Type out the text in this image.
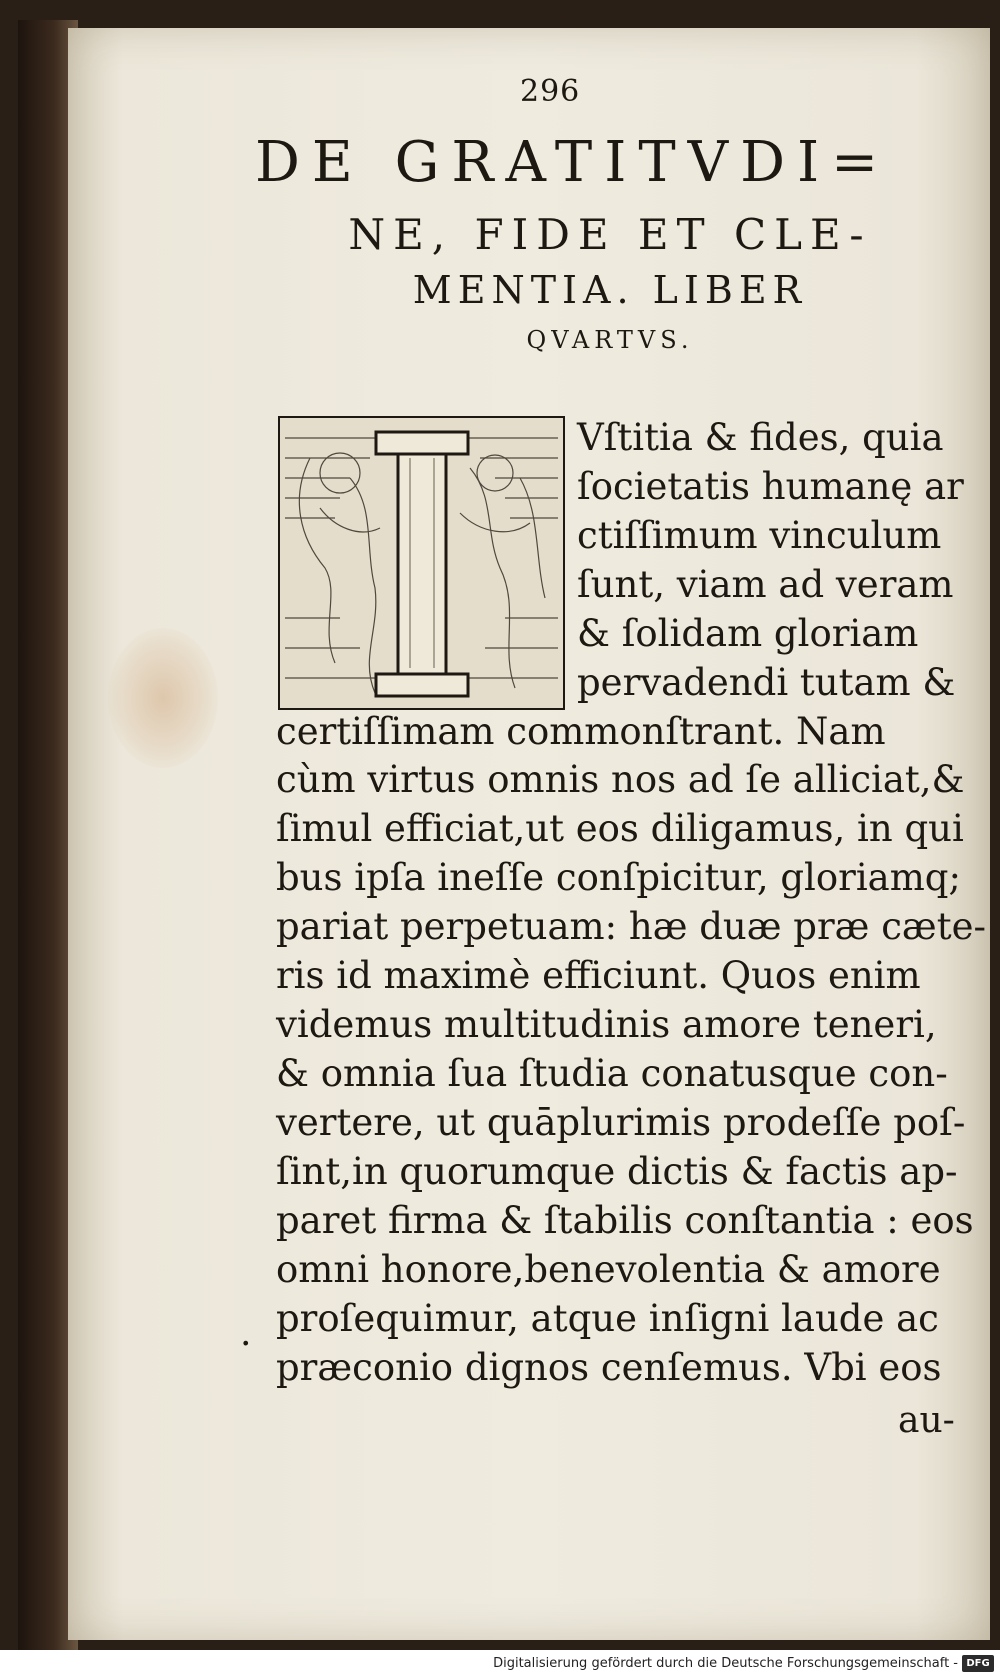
296
DE GRATITVDI=
NE, FIDE ET CLE-
MENTIA. LIBER
QVARTVS.
Vſtitia & fides, quia
ſocietatis humanę ar
ctiſſimum vinculum
ſunt, viam ad veram
& ſolidam gloriam
pervadendi tutam &
certiſſimam commonſtrant. Nam
cùm virtus omnis nos ad ſe alliciat,&
ſimul efficiat,ut eos diligamus, in qui
bus ipſa ineſſe conſpicitur, gloriamq;
pariat perpetuam: hæ duæ præ cæte-
ris id maximè efficiunt. Quos enim
videmus multitudinis amore teneri,
& omnia ſua ſtudia conatusque con-
vertere, ut quāplurimis prodeſſe poſ-
ſint,in quorumque dictis & factis ap-
paret firma & ſtabilis conſtantia : eos
omni honore,benevolentia & amore
proſequimur, atque inſigni laude ac
præconio dignos cenſemus. Vbi eos
.
au-
Digitalisierung gefördert durch die Deutsche Forschungsgemeinschaft - DFG
